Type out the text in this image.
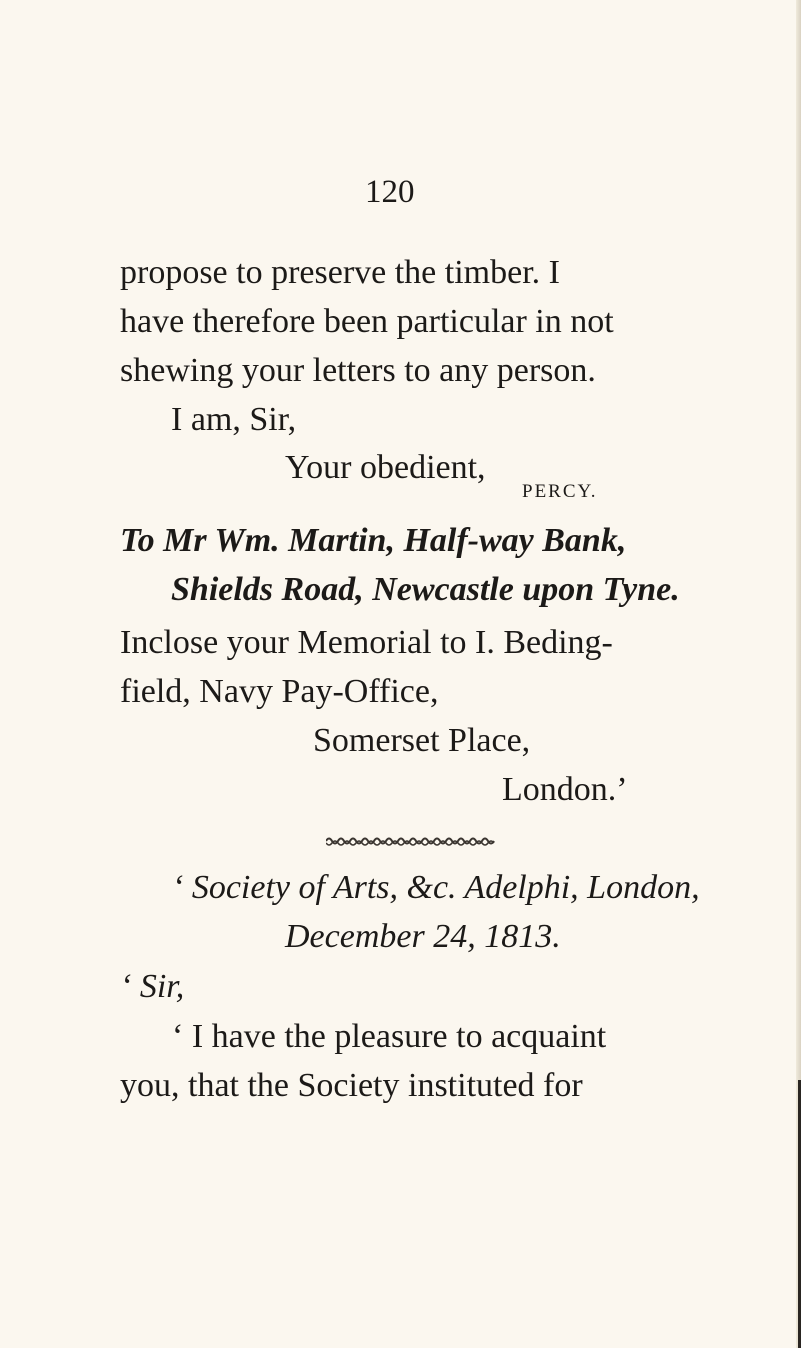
120
propose to preserve the timber. I
have therefore been particular in not
shewing your letters to any person.
I am, Sir,
Your obedient,
PERCY.
To Mr Wm. Martin, Half-way Bank,
Shields Road, Newcastle upon Tyne.
Inclose your Memorial to I. Beding-
field, Navy Pay-Office,
Somerset Place,
London.’
‘ Society of Arts, &c. Adelphi, London,
December 24, 1813.
‘ Sir,
‘ I have the pleasure to acquaint
you, that the Society instituted for
